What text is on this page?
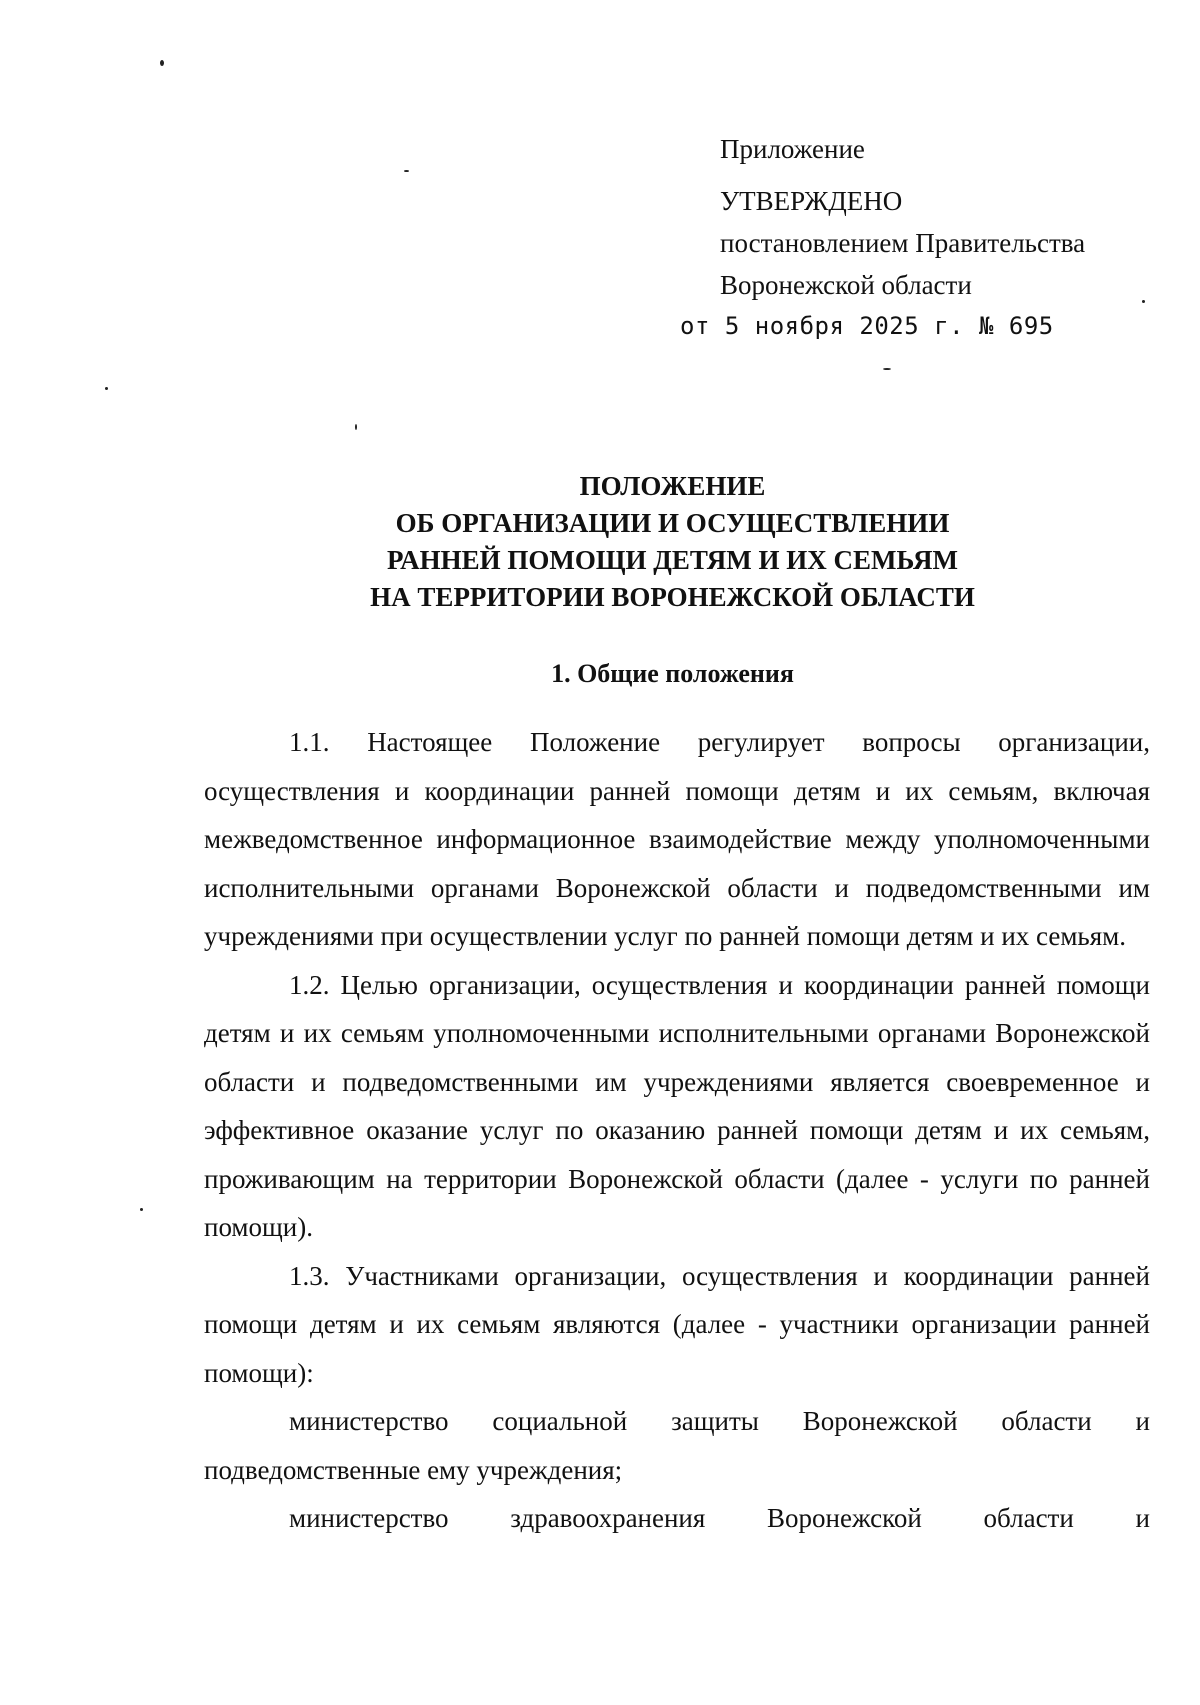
Приложение
УТВЕРЖДЕНО
постановлением Правительства
Воронежской области
от 5 ноября 2025 г. № 695
ПОЛОЖЕНИЕ
ОБ ОРГАНИЗАЦИИ И ОСУЩЕСТВЛЕНИИ
РАННЕЙ ПОМОЩИ ДЕТЯМ И ИХ СЕМЬЯМ
НА ТЕРРИТОРИИ ВОРОНЕЖСКОЙ ОБЛАСТИ
1. Общие положения

1.1. Настоящее Положение регулирует вопросы организации, осуществления и координации ранней помощи детям и их семьям, включая межведомственное информационное взаимодействие между уполномоченными исполнительными органами Воронежской области и подведомственными им учреждениями при осуществлении услуг по ранней помощи детям и их семьям.

1.2. Целью организации, осуществления и координации ранней помощи детям и их семьям уполномоченными исполнительными органами Воронежской области и подведомственными им учреждениями является своевременное и эффективное оказание услуг по оказанию ранней помощи детям и их семьям, проживающим на территории Воронежской области (далее - услуги по ранней помощи).

1.3. Участниками организации, осуществления и координации ранней помощи детям и их семьям являются (далее - участники организации ранней помощи):

министерство социальной защиты Воронежской области и подведомственные ему учреждения;

министерство здравоохранения Воронежской области и
